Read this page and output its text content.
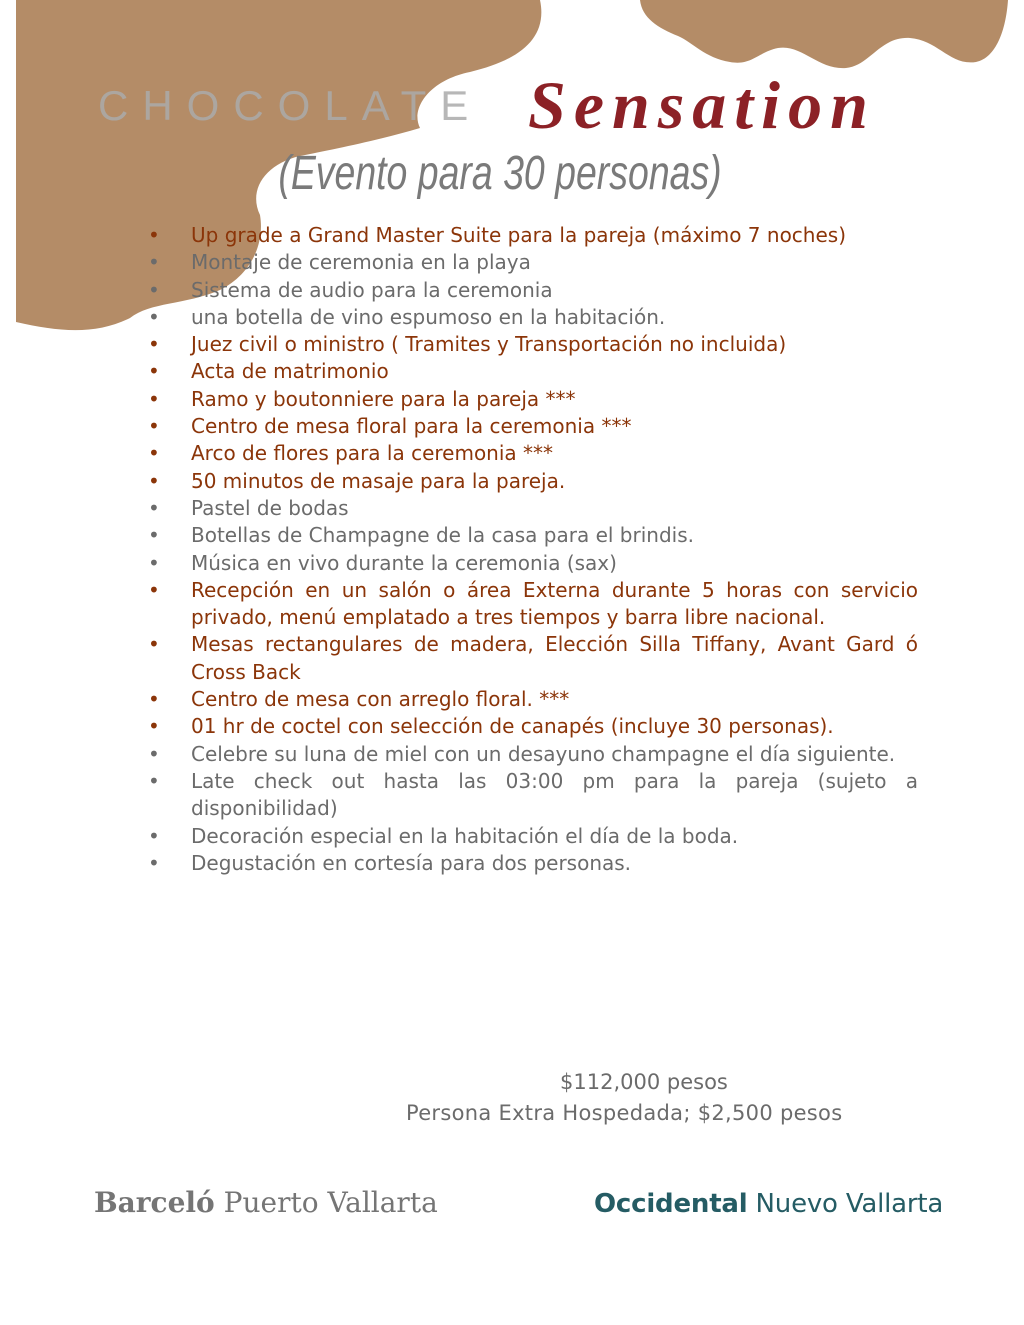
CHOCOLATE Sensation
(Evento para 30 personas)
• Up grade a Grand Master Suite para la pareja (máximo 7 noches)
• Montaje de ceremonia en la playa
• Sistema de audio para la ceremonia
• una botella de vino espumoso en la habitación.
• Juez civil o ministro ( Tramites y Transportación no incluida)
• Acta de matrimonio
• Ramo y boutonniere para la pareja ***
• Centro de mesa floral para la ceremonia ***
• Arco de flores para la ceremonia ***
• 50 minutos de masaje para la pareja.
• Pastel de bodas
• Botellas de Champagne de la casa para el brindis.
• Música en vivo durante la ceremonia (sax)
• Recepción en un salón o área Externa durante 5 horas con servicio privado, menú emplatado a tres tiempos y barra libre nacional.
• Mesas rectangulares de madera, Elección Silla Tiffany, Avant Gard ó Cross Back
• Centro de mesa con arreglo floral. ***
• 01 hr de coctel con selección de canapés (incluye 30 personas).
• Celebre su luna de miel con un desayuno champagne el día siguiente.
• Late check out hasta las 03:00 pm para la pareja (sujeto a disponibilidad)
• Decoración especial en la habitación el día de la boda.
• Degustación en cortesía para dos personas.
$112,000 pesos
Persona Extra Hospedada; $2,500 pesos
Barceló Puerto Vallarta	Occidental Nuevo Vallarta
